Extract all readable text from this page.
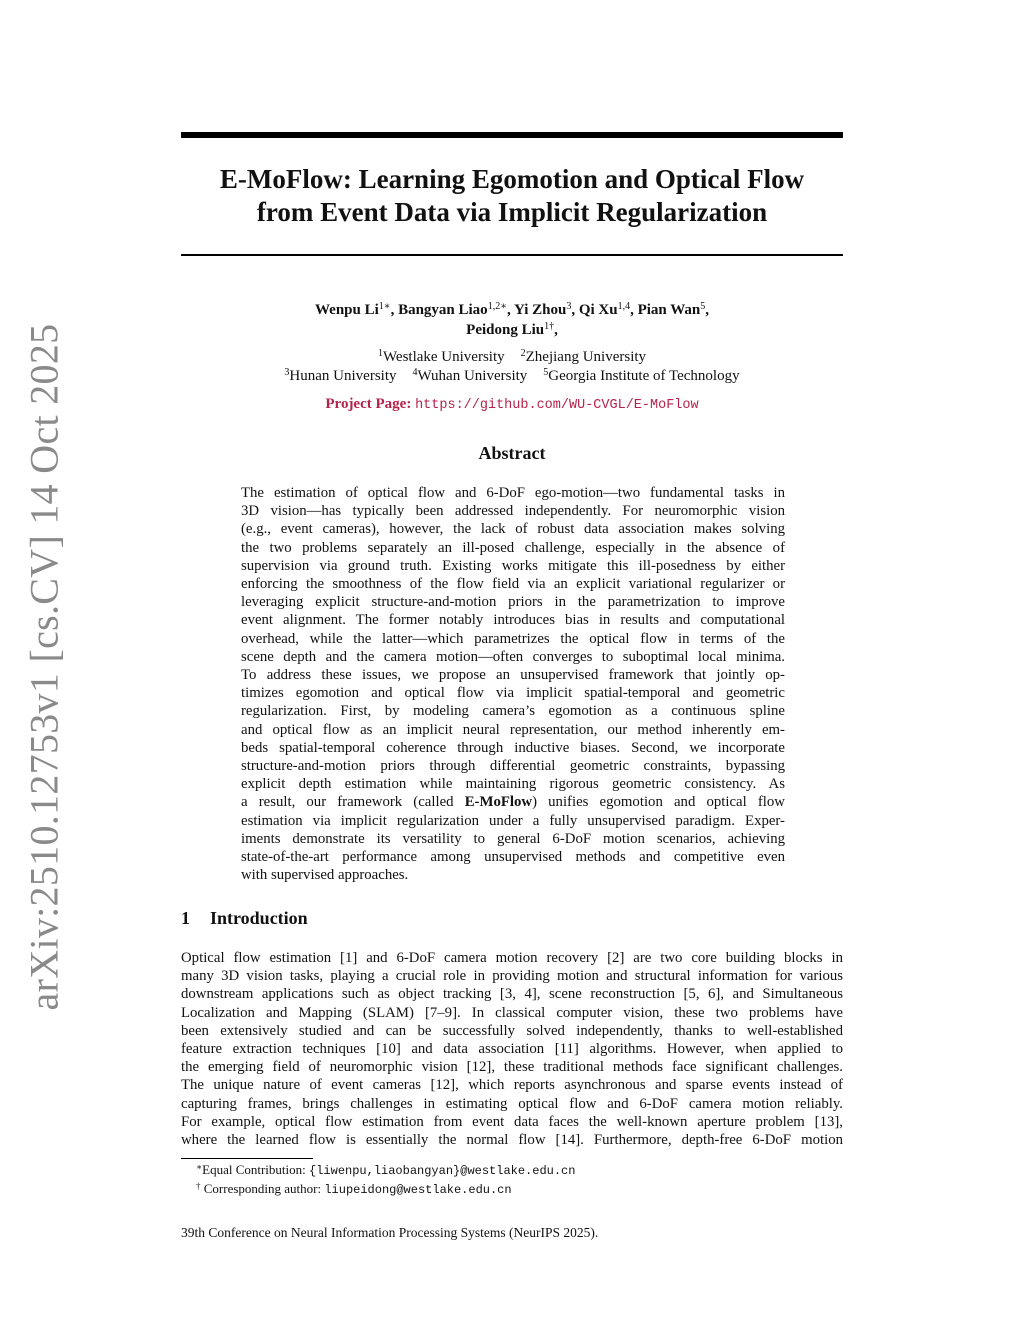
arXiv:2510.12753v1 [cs.CV] 14 Oct 2025
E-MoFlow: Learning Egomotion and Optical Flow
from Event Data via Implicit Regularization
Wenpu $Li^{1∗}$, Bangyan Liao$^{1,2∗}$, Yi Zhou$^3$, Qi Xu$^{1,4}$, Pian Wan$^5$,
Peidong Liu$^{1\dagger}$,
$^1$Westlake University $^2$Zhejiang University
$^3$Hunan University $^4$Wuhan University $^5$Georgia Institute of Technology
Project Page: https://github.com/WU-CVGL/E-MoFlow
Abstract
The estimation of optical flow and 6-DoF ego-motion—two fundamental tasks in
3D vision—has typically been addressed independently. For neuromorphic vision
(e.g., event cameras), however, the lack of robust data association makes solving
the two problems separately an ill-posed challenge, especially in the absence of
supervision via ground truth. Existing works mitigate this ill-posedness by either
enforcing the smoothness of the flow field via an explicit variational regularizer or
leveraging explicit structure-and-motion priors in the parametrization to improve
event alignment. The former notably introduces bias in results and computational
overhead, while the latter—which parametrizes the optical flow in terms of the
scene depth and the camera motion—often converges to suboptimal local minima.
To address these issues, we propose an unsupervised framework that jointly op-
timizes egomotion and optical flow via implicit spatial-temporal and geometric
regularization. First, by modeling camera’s egomotion as a continuous spline
and optical flow as an implicit neural representation, our method inherently em-
beds spatial-temporal coherence through inductive biases. Second, we incorporate
structure-and-motion priors through differential geometric constraints, bypassing
explicit depth estimation while maintaining rigorous geometric consistency. As
a result, our framework (called E-MoFlow) unifies egomotion and optical flow
estimation via implicit regularization under a fully unsupervised paradigm. Exper-
iments demonstrate its versatility to general 6-DoF motion scenarios, achieving
state-of-the-art performance among unsupervised methods and competitive even
with supervised approaches.
1 Introduction
Optical flow estimation [1] and 6-DoF camera motion recovery [2] are two core building blocks in
many 3D vision tasks, playing a crucial role in providing motion and structural information for various
downstream applications such as object tracking [3, 4], scene reconstruction [5, 6], and Simultaneous
Localization and Mapping (SLAM) [7–9]. In classical computer vision, these two problems have
been extensively studied and can be successfully solved independently, thanks to well-established
feature extraction techniques [10] and data association [11] algorithms. However, when applied to
the emerging field of neuromorphic vision [12], these traditional methods face significant challenges.
The unique nature of event cameras [12], which reports asynchronous and sparse events instead of
capturing frames, brings challenges in estimating optical flow and 6-DoF camera motion reliably.
For example, optical flow estimation from event data faces the well-known aperture problem [13],
where the learned flow is essentially the normal flow [14]. Furthermore, depth-free 6-DoF motion
∗Equal Contribution: {liwenpu,liaobangyan}@westlake.edu.cn
† Corresponding author: liupeidong@westlake.edu.cn
39th Conference on Neural Information Processing Systems (NeurIPS 2025).
